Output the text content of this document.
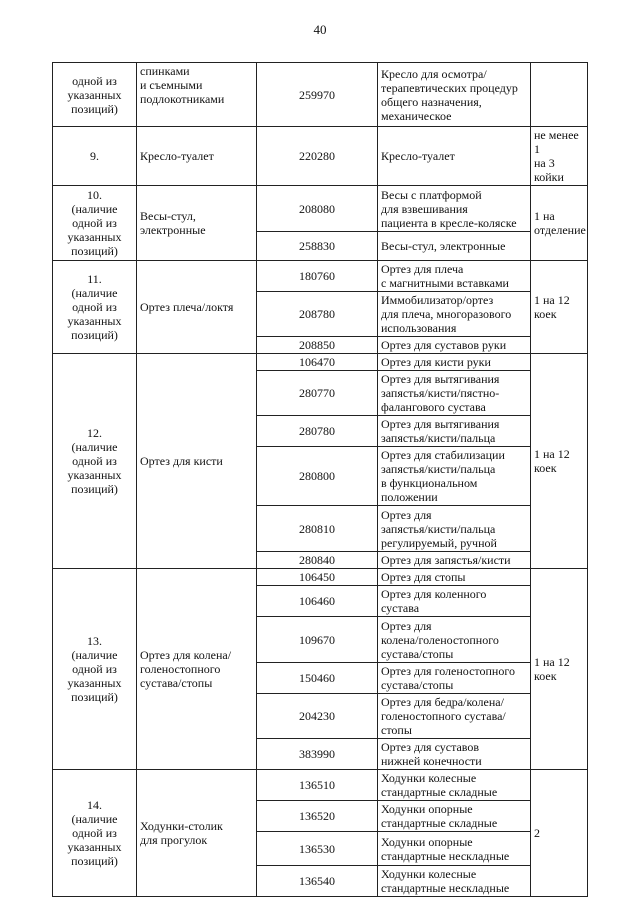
40
одной из
указанных
позиций)	спинками
и съемными
подлокотниками	259970	Кресло для осмотра/
терапевтических процедур
общего назначения,
механическое	
9.	Кресло-туалет	220280	Кресло-туалет	не менее 1
на 3 койки
10.
(наличие
одной из
указанных
позиций)	Весы-стул,
электронные	208080	Весы с платформой
для взвешивания
пациента в кресле-коляске	1 на
отделение
		258830	Весы-стул, электронные	
11.
(наличие
одной из
указанных
позиций)	Ортез плеча/локтя	180760	Ортез для плеча
с магнитными вставками	1 на 12 коек
		208780	Иммобилизатор/ортез
для плеча, многоразового
использования	
		208850	Ортез для суставов руки	
12.
(наличие
одной из
указанных
позиций)	Ортез для кисти	106470	Ортез для кисти руки	1 на 12 коек
		280770	Ортез для вытягивания
запястья/кисти/пястно-
фалангового сустава	
		280780	Ортез для вытягивания
запястья/кисти/пальца	
		280800	Ортез для стабилизации
запястья/кисти/пальца
в функциональном
положении	
		280810	Ортез для
запястья/кисти/пальца
регулируемый, ручной	
		280840	Ортез для запястья/кисти	
13.
(наличие
одной из
указанных
позиций)	Ортез для колена/
голеностопного
сустава/стопы	106450	Ортез для стопы	1 на 12 коек
		106460	Ортез для коленного
сустава	
		109670	Ортез для
колена/голеностопного
сустава/стопы	
		150460	Ортез для голеностопного
сустава/стопы	
		204230	Ортез для бедра/колена/
голеностопного сустава/
стопы	
		383990	Ортез для суставов
нижней конечности	
14.
(наличие
одной из
указанных
позиций)	Ходунки-столик
для прогулок	136510	Ходунки колесные
стандартные складные	2
		136520	Ходунки опорные
стандартные складные	
		136530	Ходунки опорные
стандартные нескладные	
		136540	Ходунки колесные
стандартные нескладные	
